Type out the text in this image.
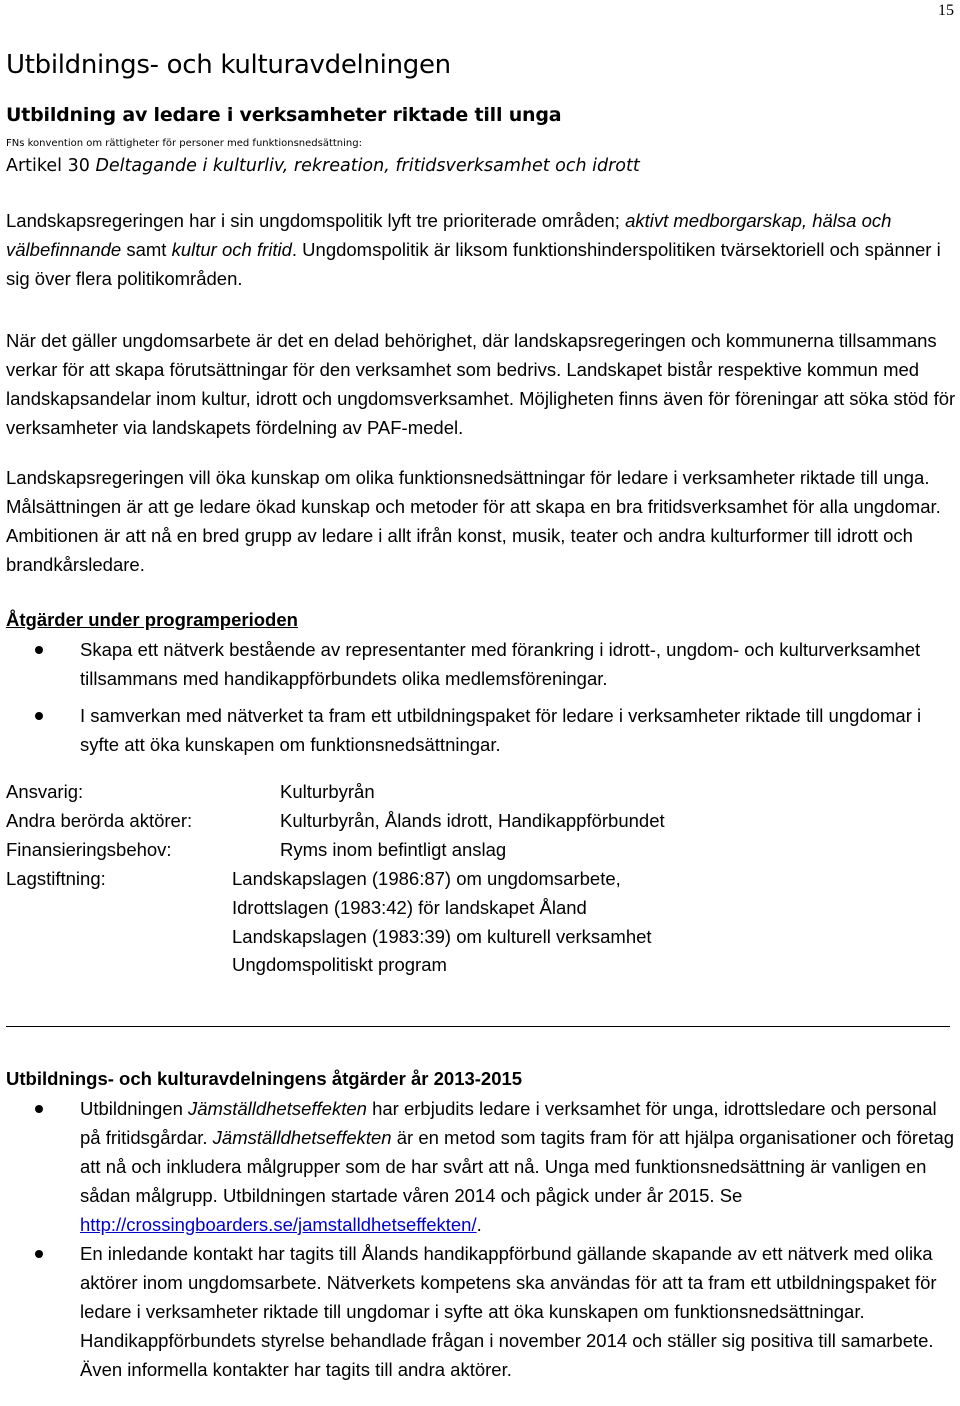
15
Utbildnings- och kulturavdelningen
Utbildning av ledare i verksamheter riktade till unga
FNs konvention om rättigheter för personer med funktionsnedsättning:
Artikel 30 Deltagande i kulturliv, rekreation, fritidsverksamhet och idrott

Landskapsregeringen har i sin ungdomspolitik lyft tre prioriterade områden; aktivt medborgarskap, hälsa och välbefinnande samt kultur och fritid. Ungdomspolitik är liksom funktionshinderspolitiken tvärsektoriell och spänner i sig över flera politikområden.

När det gäller ungdomsarbete är det en delad behörighet, där landskapsregeringen och kommunerna tillsammans verkar för att skapa förutsättningar för den verksamhet som bedrivs. Landskapet bistår respektive kommun med landskapsandelar inom kultur, idrott och ungdomsverksamhet. Möjligheten finns även för föreningar att söka stöd för verksamheter via landskapets fördelning av PAF-medel.

Landskapsregeringen vill öka kunskap om olika funktionsnedsättningar för ledare i verksamheter riktade till unga. Målsättningen är att ge ledare ökad kunskap och metoder för att skapa en bra fritidsverksamhet för alla ungdomar. Ambitionen är att nå en bred grupp av ledare i allt ifrån konst, musik, teater och andra kulturformer till idrott och brandkårsledare.

Åtgärder under programperioden
Skapa ett nätverk bestående av representanter med förankring i idrott-, ungdom- och kulturverksamhet tillsammans med handikappförbundets olika medlemsföreningar.
I samverkan med nätverket ta fram ett utbildningspaket för ledare i verksamheter riktade till ungdomar i syfte att öka kunskapen om funktionsnedsättningar.
Ansvarig:	Kulturbyrån
Andra berörda aktörer:	Kulturbyrån, Ålands idrott, Handikappförbundet
Finansieringsbehov:	Ryms inom befintligt anslag
Lagstiftning:	Landskapslagen (1986:87) om ungdomsarbete,
Idrottslagen (1983:42) för landskapet Åland
Landskapslagen (1983:39) om kulturell verksamhet
Ungdomspolitiskt program
Utbildnings- och kulturavdelningens åtgärder år 2013-2015
Utbildningen Jämställdhetseffekten har erbjudits ledare i verksamhet för unga, idrottsledare och personal på fritidsgårdar. Jämställdhetseffekten är en metod som tagits fram för att hjälpa organisationer och företag att nå och inkludera målgrupper som de har svårt att nå. Unga med funktionsnedsättning är vanligen en sådan målgrupp. Utbildningen startade våren 2014 och pågick under år 2015. Se http://crossingboarders.se/jamstalldhetseffekten/.
En inledande kontakt har tagits till Ålands handikappförbund gällande skapande av ett nätverk med olika aktörer inom ungdomsarbete. Nätverkets kompetens ska användas för att ta fram ett utbildningspaket för ledare i verksamheter riktade till ungdomar i syfte att öka kunskapen om funktionsnedsättningar. Handikappförbundets styrelse behandlade frågan i november 2014 och ställer sig positiva till samarbete. Även informella kontakter har tagits till andra aktörer.
